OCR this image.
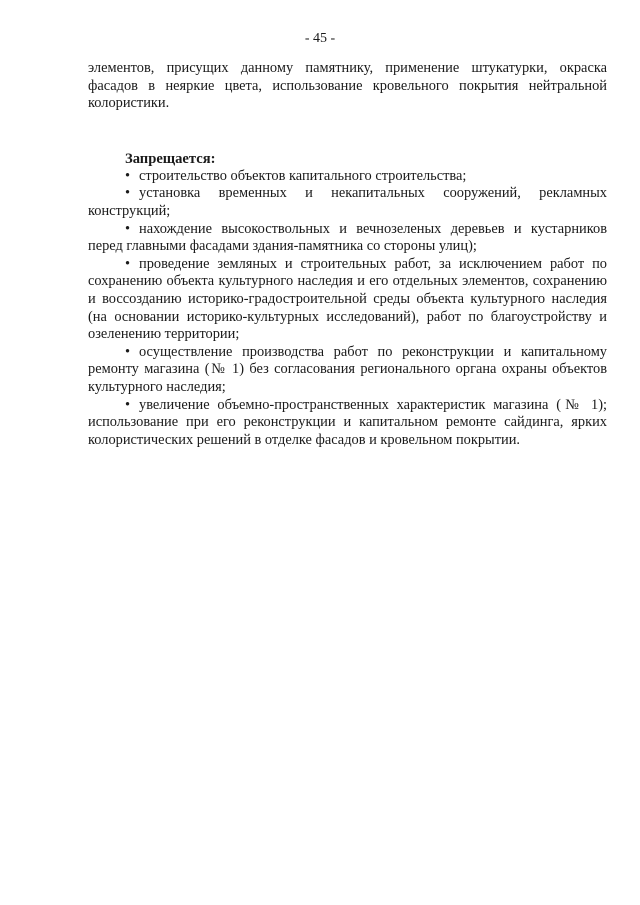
- 45 -

элементов, присущих данному памятнику, применение штукатурки, окраска фасадов в неяркие цвета, использование кровельного покрытия нейтральной колористики.

Запрещается:

• строительство объектов капитального строительства;
• установка временных и некапитальных сооружений, рекламных конструкций;
• нахождение высокоствольных и вечнозеленых деревьев и кустарников перед главными фасадами здания-памятника со стороны улиц);
• проведение земляных и строительных работ, за исключением работ по сохранению объекта культурного наследия и его отдельных элементов, сохранению и воссозданию историко-градостроительной среды объекта культурного наследия (на основании историко-культурных исследований), работ по благоустройству и озеленению территории;
• осуществление производства работ по реконструкции и капитальному ремонту магазина (№ 1) без согласования регионального органа охраны объектов культурного наследия;
• увеличение объемно-пространственных характеристик магазина (№ 1); использование при его реконструкции и капитальном ремонте сайдинга, ярких колористических решений в отделке фасадов и кровельном покрытии.
